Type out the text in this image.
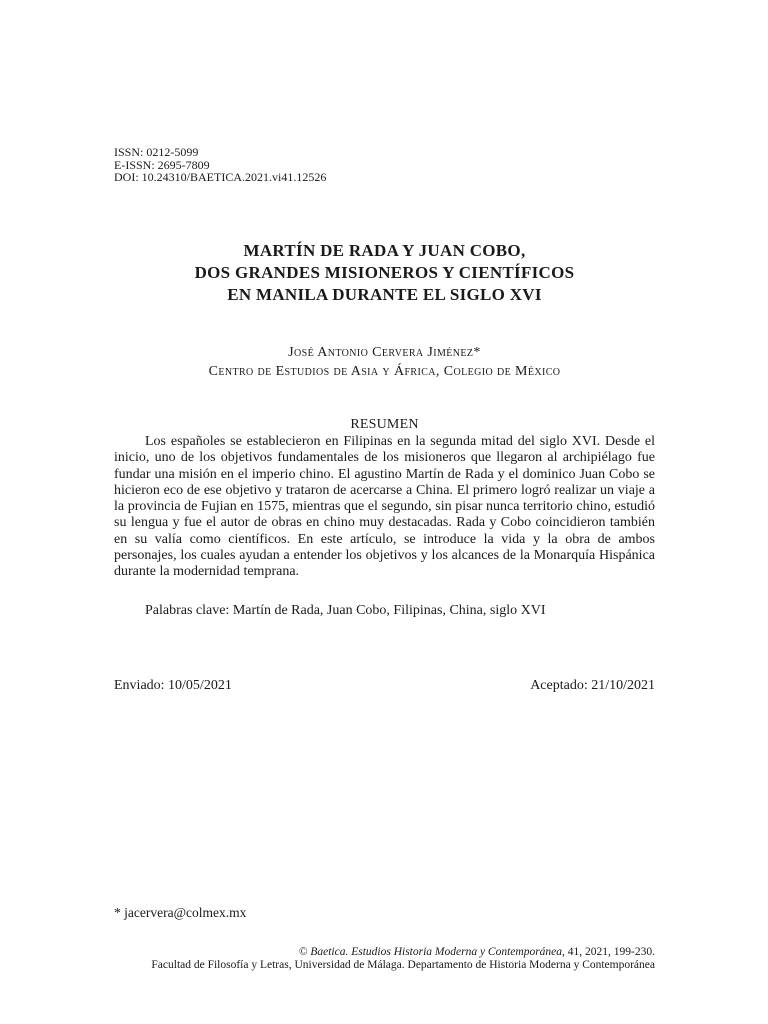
ISSN: 0212-5099
E-ISSN: 2695-7809
DOI: 10.24310/BAETICA.2021.vi41.12526
MARTÍN DE RADA Y JUAN COBO,
DOS GRANDES MISIONEROS Y CIENTÍFICOS
EN MANILA DURANTE EL SIGLO XVI
José Antonio Cervera Jiménez*
Centro de Estudios de Asia y África, Colegio de México
RESUMEN
Los españoles se establecieron en Filipinas en la segunda mitad del siglo XVI. Desde el inicio, uno de los objetivos fundamentales de los misioneros que llegaron al archipiélago fue fundar una misión en el imperio chino. El agustino Martín de Rada y el dominico Juan Cobo se hicieron eco de ese objetivo y trataron de acercarse a China. El primero logró realizar un viaje a la provincia de Fujian en 1575, mientras que el segundo, sin pisar nunca territorio chino, estudió su lengua y fue el autor de obras en chino muy destacadas. Rada y Cobo coincidieron también en su valía como científicos. En este artículo, se introduce la vida y la obra de ambos personajes, los cuales ayudan a entender los objetivos y los alcances de la Monarquía Hispánica durante la modernidad temprana.
Palabras clave: Martín de Rada, Juan Cobo, Filipinas, China, siglo XVI
Enviado: 10/05/2021	Aceptado: 21/10/2021
* jacervera@colmex.mx
© Baetica. Estudios Historia Moderna y Contemporánea, 41, 2021, 199-230.
Facultad de Filosofía y Letras, Universidad de Málaga. Departamento de Historia Moderna y Contemporánea
